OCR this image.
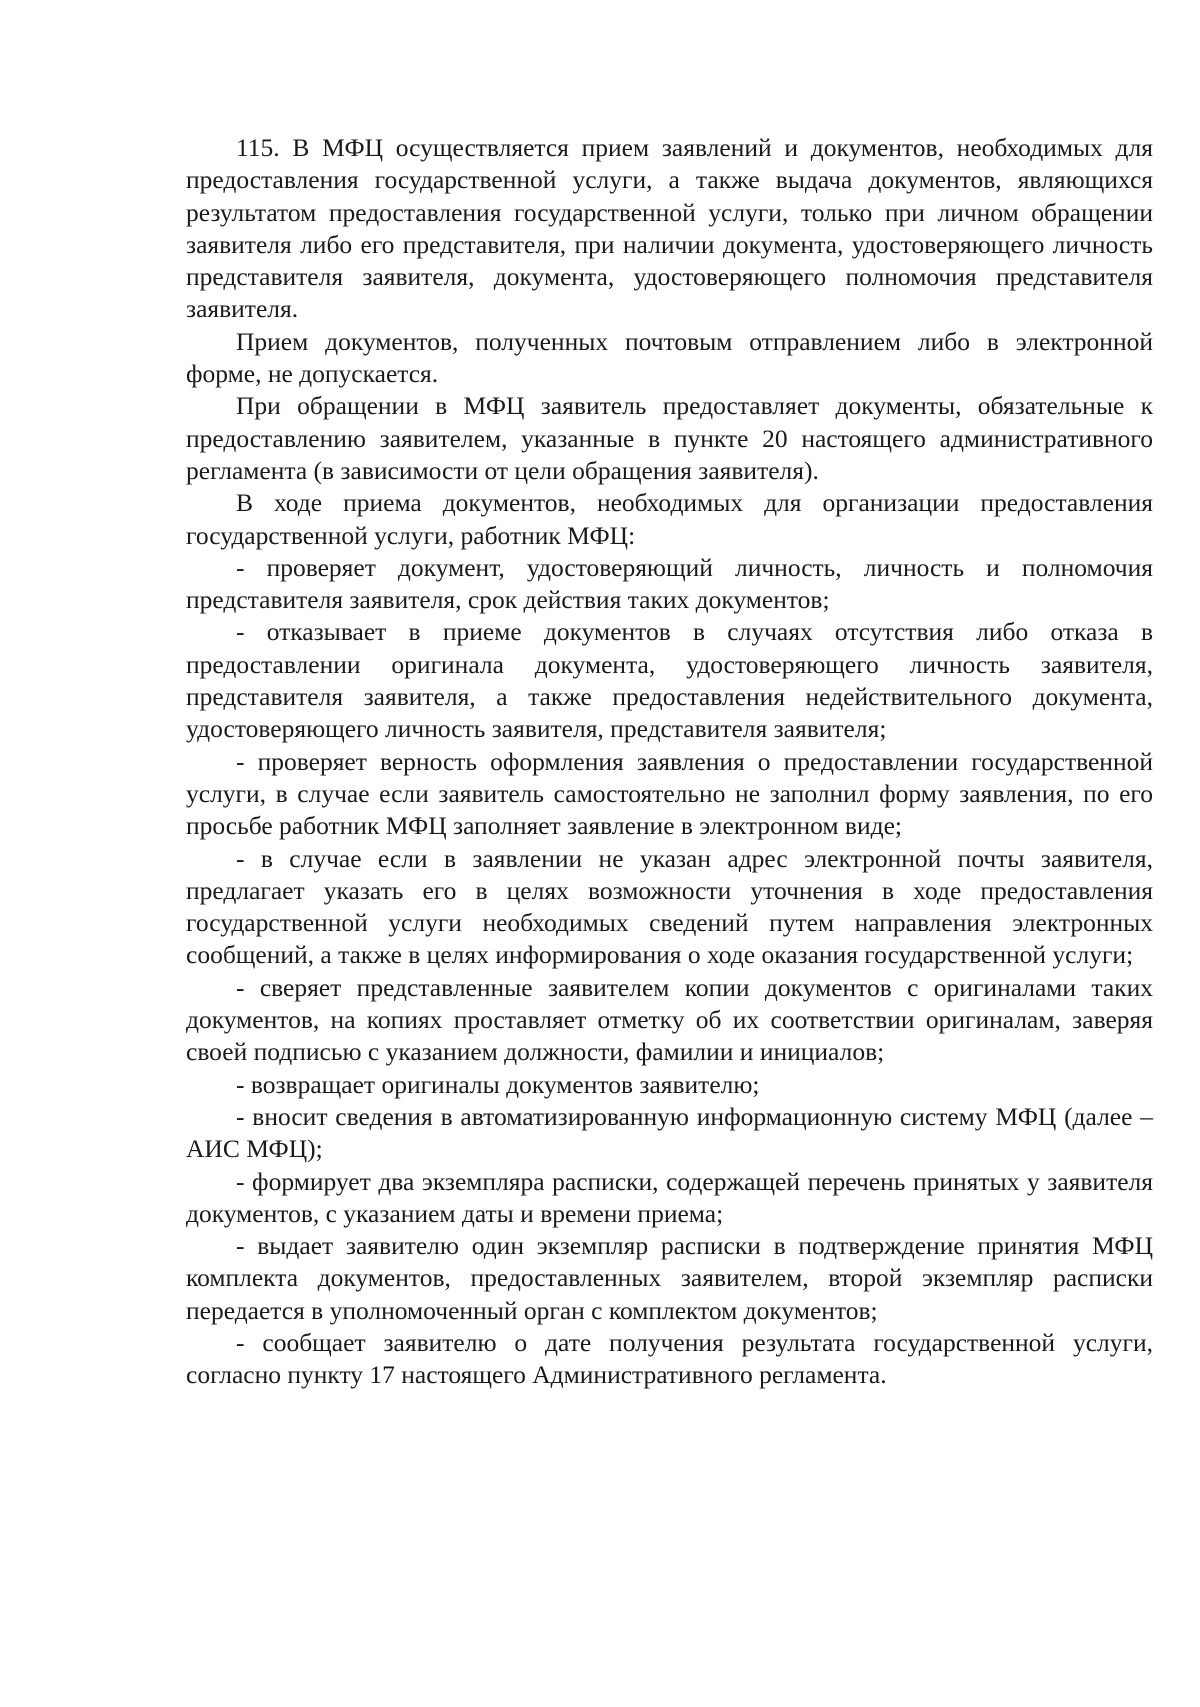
115. В МФЦ осуществляется прием заявлений и документов, необходимых для предоставления государственной услуги, а также выдача документов, являющихся результатом предоставления государственной услуги, только при личном обращении заявителя либо его представителя, при наличии документа, удостоверяющего личность представителя заявителя, документа, удостоверяющего полномочия представителя заявителя.

Прием документов, полученных почтовым отправлением либо в электронной форме, не допускается.

При обращении в МФЦ заявитель предоставляет документы, обязательные к предоставлению заявителем, указанные в пункте 20 настоящего административного регламента (в зависимости от цели обращения заявителя).

В ходе приема документов, необходимых для организации предоставления государственной услуги, работник МФЦ:

- проверяет документ, удостоверяющий личность, личность и полномочия представителя заявителя, срок действия таких документов;

- отказывает в приеме документов в случаях отсутствия либо отказа в предоставлении оригинала документа, удостоверяющего личность заявителя, представителя заявителя, а также предоставления недействительного документа, удостоверяющего личность заявителя, представителя заявителя;

- проверяет верность оформления заявления о предоставлении государственной услуги, в случае если заявитель самостоятельно не заполнил форму заявления, по его просьбе работник МФЦ заполняет заявление в электронном виде;

- в случае если в заявлении не указан адрес электронной почты заявителя, предлагает указать его в целях возможности уточнения в ходе предоставления государственной услуги необходимых сведений путем направления электронных сообщений, а также в целях информирования о ходе оказания государственной услуги;

- сверяет представленные заявителем копии документов с оригиналами таких документов, на копиях проставляет отметку об их соответствии оригиналам, заверяя своей подписью с указанием должности, фамилии и инициалов;

- возвращает оригиналы документов заявителю;

- вносит сведения в автоматизированную информационную систему МФЦ (далее – АИС МФЦ);

- формирует два экземпляра расписки, содержащей перечень принятых у заявителя документов, с указанием даты и времени приема;

- выдает заявителю один экземпляр расписки в подтверждение принятия МФЦ комплекта документов, предоставленных заявителем, второй экземпляр расписки передается в уполномоченный орган с комплектом документов;

- сообщает заявителю о дате получения результата государственной услуги, согласно пункту 17 настоящего Административного регламента.
